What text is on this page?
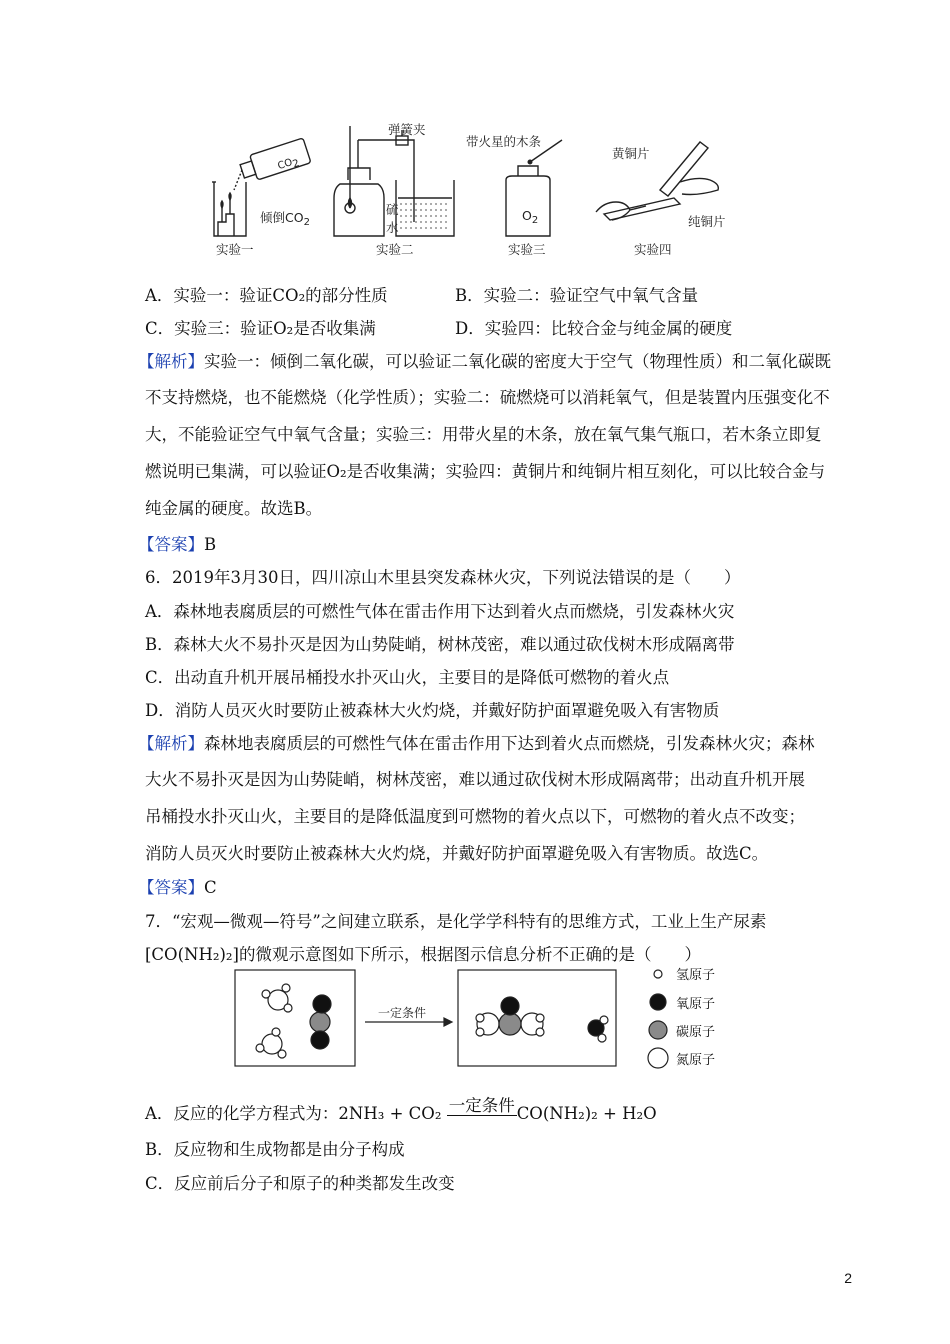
CO2
倾倒$CO_2$
实验一
弹簧夹
硫
水
实验二
带火星的木条
$O_2$
实验三
黄铜片
纯铜片
实验四
A．实验一：验证CO₂的部分性质	B．实验二：验证空气中氧气含量
C．实验三：验证O₂是否收集满	D．实验四：比较合金与纯金属的硬度
【解析】实验一：倾倒二氧化碳，可以验证二氧化碳的密度大于空气（物理性质）和二氧化碳既
不支持燃烧，也不能燃烧（化学性质）；实验二：硫燃烧可以消耗氧气，但是装置内压强变化不
大，不能验证空气中氧气含量；实验三：用带火星的木条，放在氧气集气瓶口，若木条立即复
燃说明已集满，可以验证O₂是否收集满；实验四：黄铜片和纯铜片相互刻化，可以比较合金与
纯金属的硬度。故选B。
【答案】B
6．2019年3月30日，四川凉山木里县突发森林火灾，下列说法错误的是（　　）
A．森林地表腐质层的可燃性气体在雷击作用下达到着火点而燃烧，引发森林火灾
B．森林大火不易扑灭是因为山势陡峭，树林茂密，难以通过砍伐树木形成隔离带
C．出动直升机开展吊桶投水扑灭山火，主要目的是降低可燃物的着火点
D．消防人员灭火时要防止被森林大火灼烧，并戴好防护面罩避免吸入有害物质
【解析】森林地表腐质层的可燃性气体在雷击作用下达到着火点而燃烧，引发森林火灾；森林
大火不易扑灭是因为山势陡峭，树林茂密，难以通过砍伐树木形成隔离带；出动直升机开展
吊桶投水扑灭山火，主要目的是降低温度到可燃物的着火点以下，可燃物的着火点不改变；
消防人员灭火时要防止被森林大火灼烧，并戴好防护面罩避免吸入有害物质。故选C。
【答案】C
7．“宏观—微观—符号”之间建立联系，是化学学科特有的思维方式，工业上生产尿素
[CO(NH₂)₂]的微观示意图如下所示，根据图示信息分析不正确的是（　　）
一定条件
氢原子
氧原子
碳原子
氮原子
A．反应的化学方程式为：2NH₃ + CO₂ 一定条件 CO(NH₂)₂ + H₂O
B．反应物和生成物都是由分子构成
C．反应前后分子和原子的种类都发生改变
2
